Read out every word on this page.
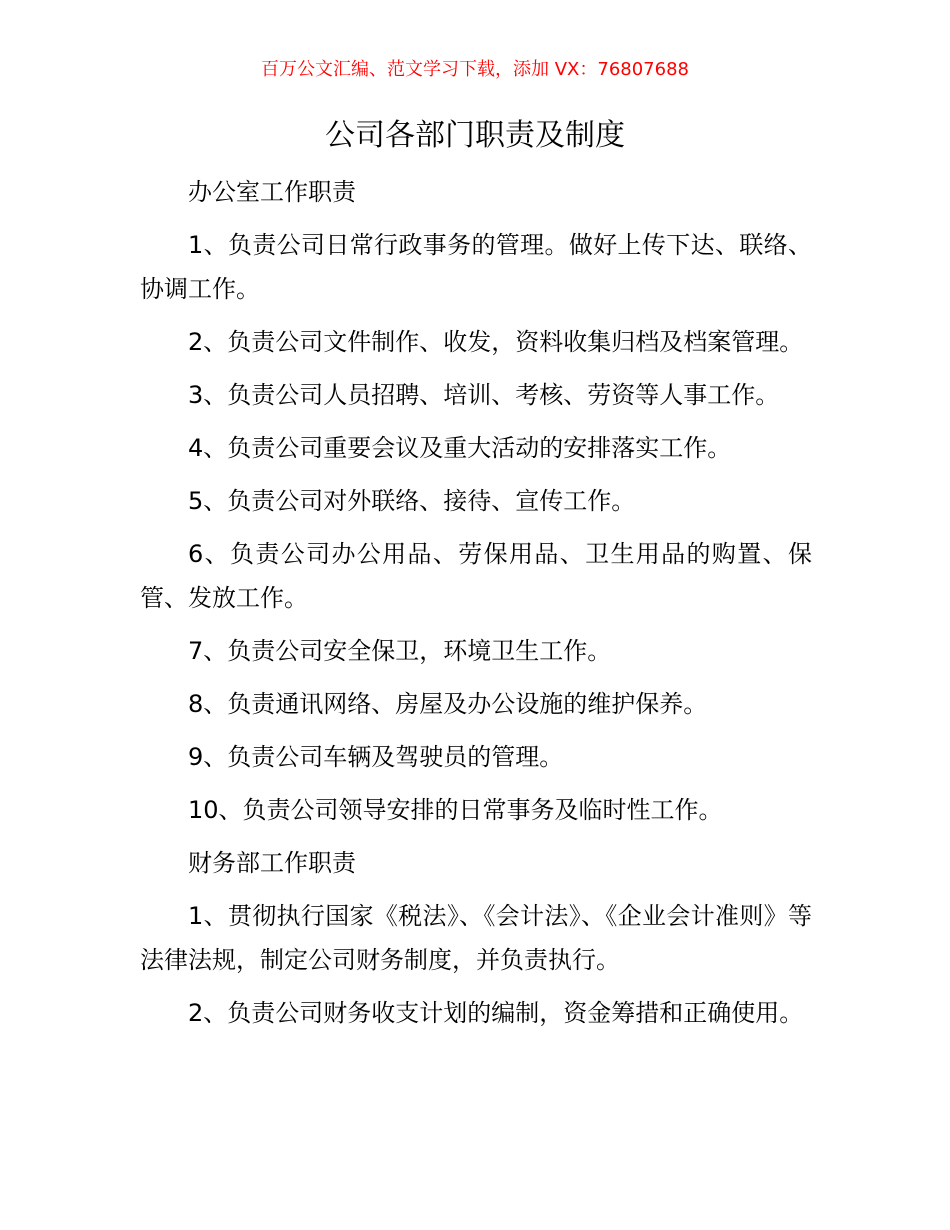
百万公文汇编、范文学习下载，添加 VX：76807688
公司各部门职责及制度

办公室工作职责

1、负责公司日常行政事务的管理。做好上传下达、联络、协调工作。

2、负责公司文件制作、收发，资料收集归档及档案管理。

3、负责公司人员招聘、培训、考核、劳资等人事工作。

4、负责公司重要会议及重大活动的安排落实工作。

5、负责公司对外联络、接待、宣传工作。

6、负责公司办公用品、劳保用品、卫生用品的购置、保管、发放工作。

7、负责公司安全保卫，环境卫生工作。

8、负责通讯网络、房屋及办公设施的维护保养。

9、负责公司车辆及驾驶员的管理。

10、负责公司领导安排的日常事务及临时性工作。

财务部工作职责

1、贯彻执行国家《税法》、《会计法》、《企业会计准则》等法律法规，制定公司财务制度，并负责执行。

2、负责公司财务收支计划的编制，资金筹措和正确使用。
